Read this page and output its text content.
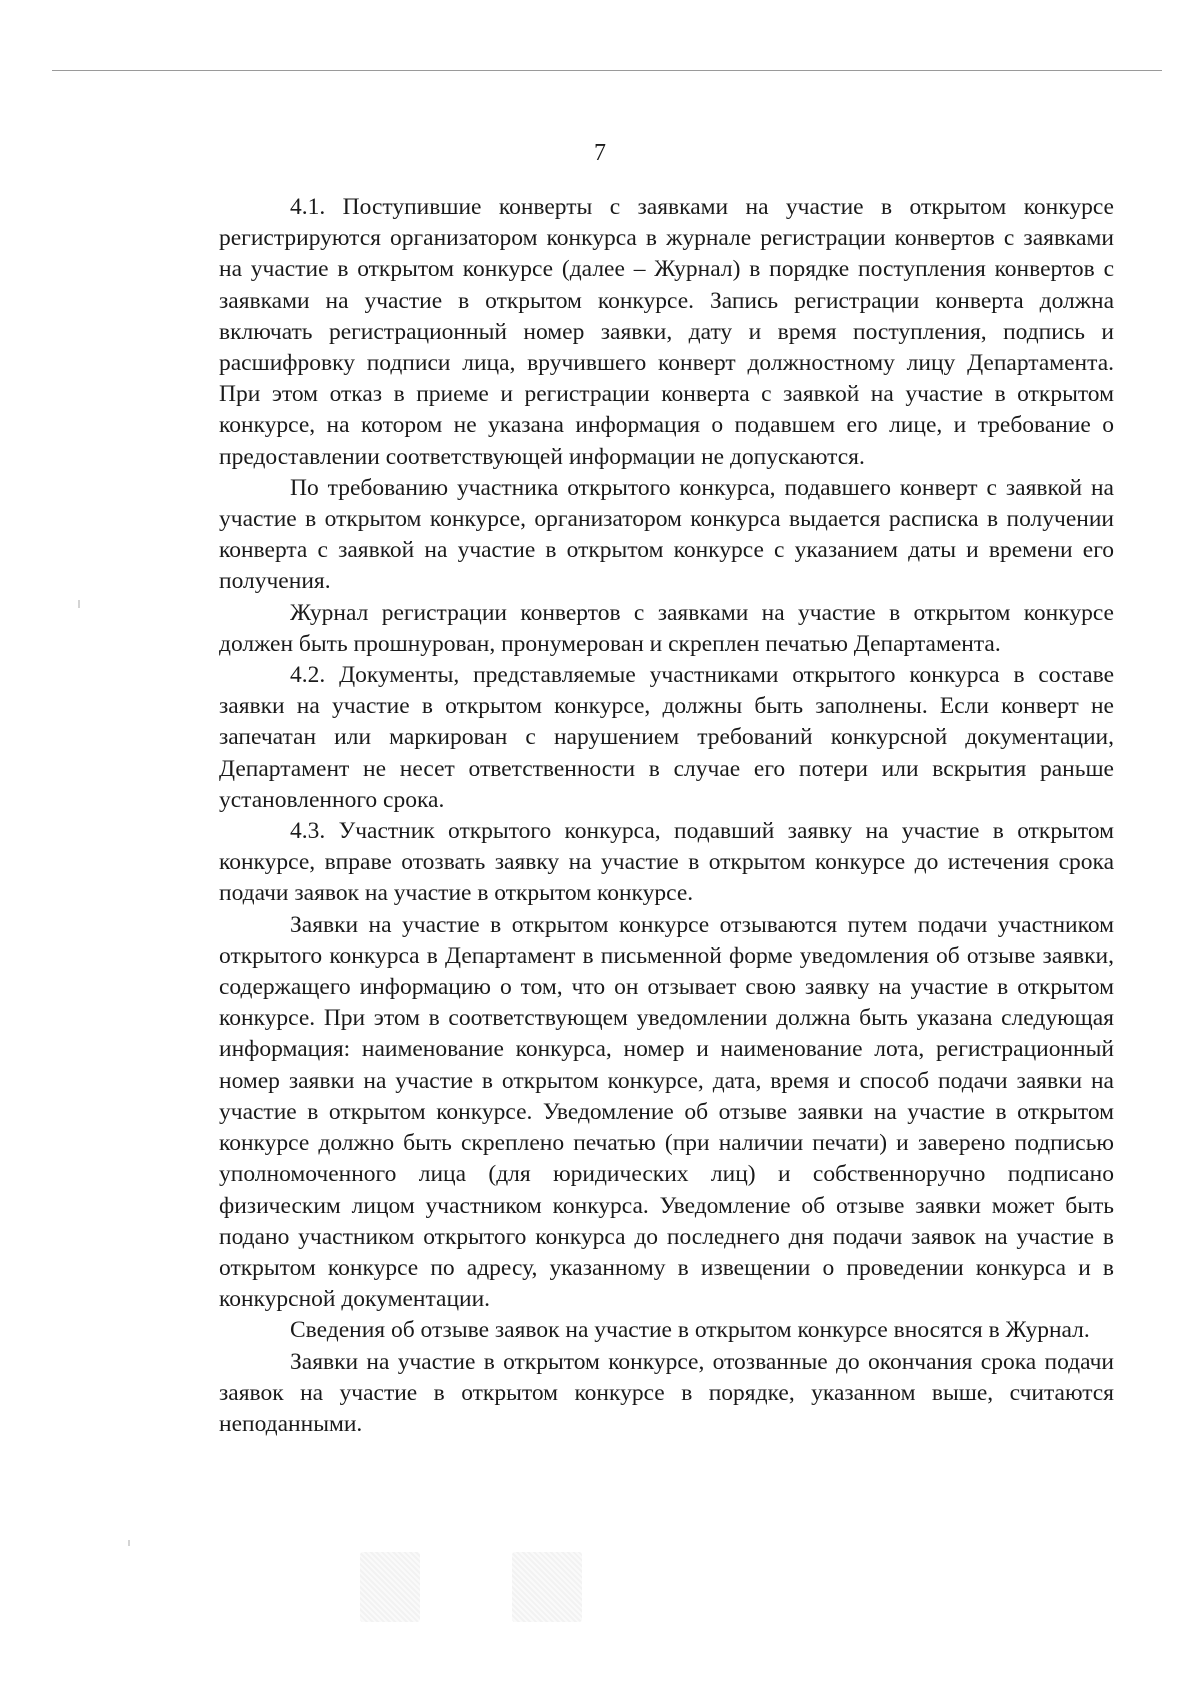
7

4.1. Поступившие конверты с заявками на участие в открытом конкурсе регистрируются организатором конкурса в журнале регистрации конвертов с заявками на участие в открытом конкурсе (далее – Журнал) в порядке поступления конвертов с заявками на участие в открытом конкурсе. Запись регистрации конверта должна включать регистрационный номер заявки, дату и время поступления, подпись и расшифровку подписи лица, вручившего конверт должностному лицу Департамента. При этом отказ в приеме и регистрации конверта с заявкой на участие в открытом конкурсе, на котором не указана информация о подавшем его лице, и требование о предоставлении соответствующей информации не допускаются.

По требованию участника открытого конкурса, подавшего конверт с заявкой на участие в открытом конкурсе, организатором конкурса выдается расписка в получении конверта с заявкой на участие в открытом конкурсе с указанием даты и времени его получения.

Журнал регистрации конвертов с заявками на участие в открытом конкурсе должен быть прошнурован, пронумерован и скреплен печатью Департамента.

4.2. Документы, представляемые участниками открытого конкурса в составе заявки на участие в открытом конкурсе, должны быть заполнены. Если конверт не запечатан или маркирован с нарушением требований конкурсной документации, Департамент не несет ответственности в случае его потери или вскрытия раньше установленного срока.

4.3. Участник открытого конкурса, подавший заявку на участие в открытом конкурсе, вправе отозвать заявку на участие в открытом конкурсе до истечения срока подачи заявок на участие в открытом конкурсе.

Заявки на участие в открытом конкурсе отзываются путем подачи участником открытого конкурса в Департамент в письменной форме уведомления об отзыве заявки, содержащего информацию о том, что он отзывает свою заявку на участие в открытом конкурсе. При этом в соответствующем уведомлении должна быть указана следующая информация: наименование конкурса, номер и наименование лота, регистрационный номер заявки на участие в открытом конкурсе, дата, время и способ подачи заявки на участие в открытом конкурсе. Уведомление об отзыве заявки на участие в открытом конкурсе должно быть скреплено печатью (при наличии печати) и заверено подписью уполномоченного лица (для юридических лиц) и собственноручно подписано физическим лицом участником конкурса. Уведомление об отзыве заявки может быть подано участником открытого конкурса до последнего дня подачи заявок на участие в открытом конкурсе по адресу, указанному в извещении о проведении конкурса и в конкурсной документации.

Сведения об отзыве заявок на участие в открытом конкурсе вносятся в Журнал.

Заявки на участие в открытом конкурсе, отозванные до окончания срока подачи заявок на участие в открытом конкурсе в порядке, указанном выше, считаются неподанными.
